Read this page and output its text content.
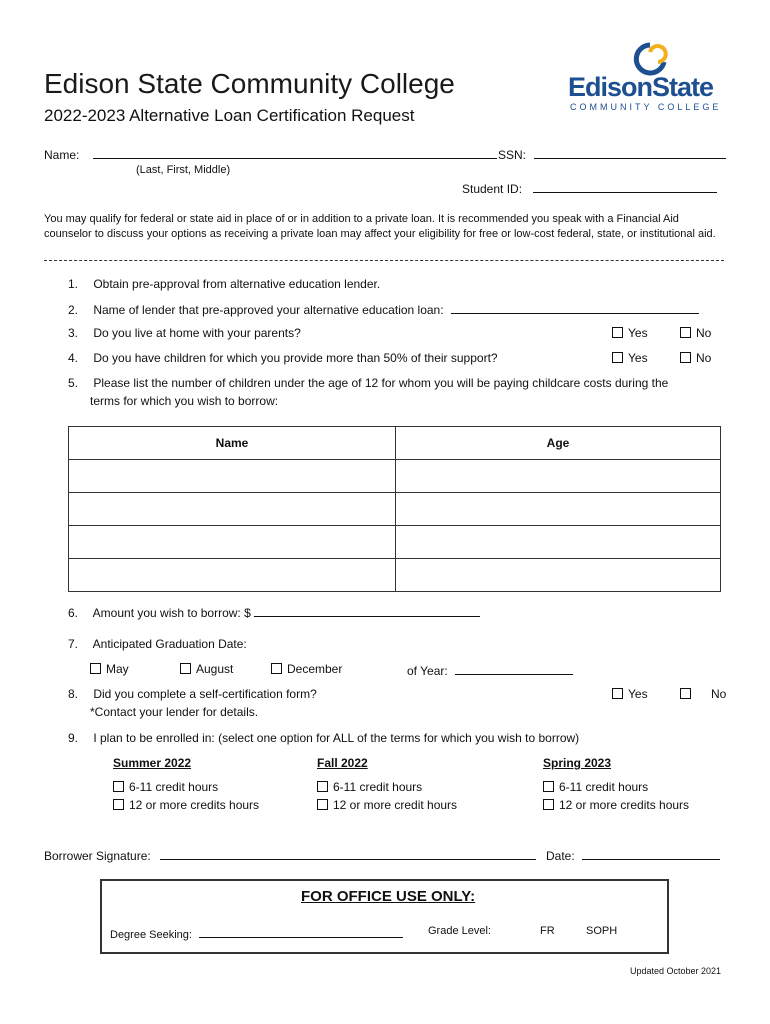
Edison State Community College
2022-2023 Alternative Loan Certification Request
EdisonState
COMMUNITY COLLEGE
Name:	SSN:
(Last, First, Middle)
Student ID:
You may qualify for federal or state aid in place of or in addition to a private loan. It is recommended you speak with a Financial Aid counselor to discuss your options as receiving a private loan may affect your eligibility for free or low-cost federal, state, or institutional aid.
1. Obtain pre-approval from alternative education lender.
2. Name of lender that pre-approved your alternative education loan:
3. Do you live at home with your parents?	Yes	No
4. Do you have children for which you provide more than 50% of their support?	Yes	No
5. Please list the number of children under the age of 12 for whom you will be paying childcare costs during the
terms for which you wish to borrow:
Name	Age

6. Amount you wish to borrow: $
7. Anticipated Graduation Date:
May	August	December	of Year:
8. Did you complete a self-certification form?
*Contact your lender for details.
Yes	No
9. I plan to be enrolled in: (select one option for ALL of the terms for which you wish to borrow)
Summer 2022
6-11 credit hours
12 or more credits hours
Fall 2022
6-11 credit hours
12 or more credit hours
Spring 2023
6-11 credit hours
12 or more credits hours
Borrower Signature:	Date:
FOR OFFICE USE ONLY:
Degree Seeking:	Grade Level:	FR	SOPH
Updated October 2021
